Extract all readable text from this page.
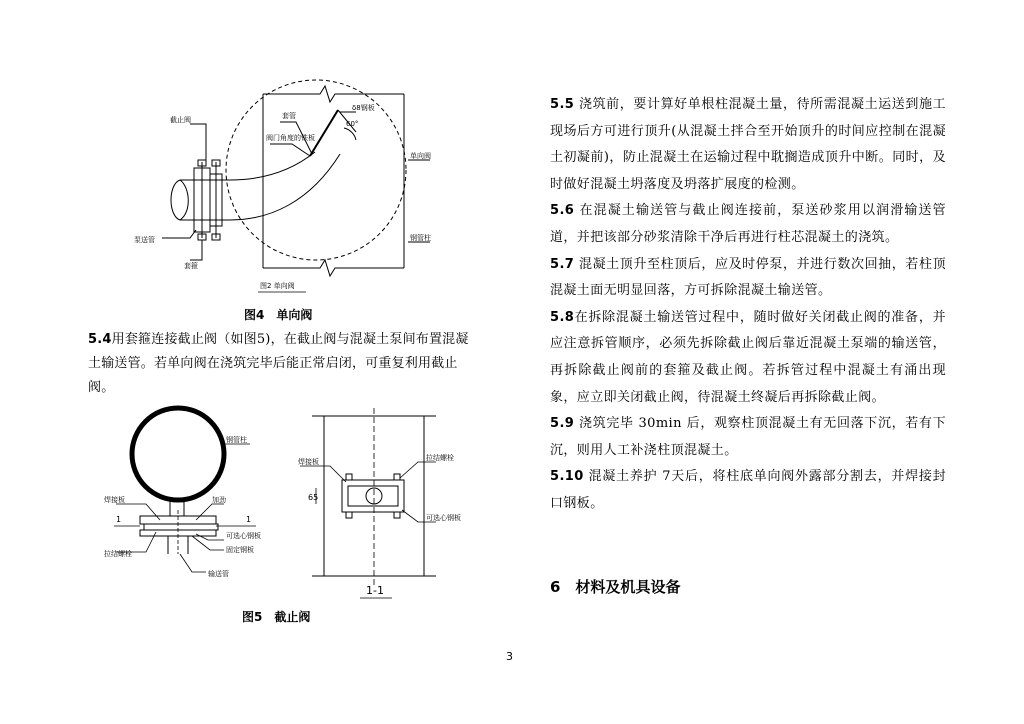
截止阀
泵送管
套箍
套管
阀门角度的铁板
δ8钢板
60°
单向阀
钢管柱
图2 单向阀
图4　单向阀
5.4用套箍连接截止阀（如图5)，在截止阀与混凝土泵间布置混凝土输送管。若单向阀在浇筑完毕后能正常启闭，可重复利用截止阀。
钢管柱
焊接板	加劲
1	1
可选心钢板
固定钢板
拉结螺栓
输送管
焊接板	拉结螺栓
可选心钢板
65
1-1
图5　截止阀

5.5 浇筑前，要计算好单根柱混凝土量，待所需混凝土运送到施工现场后方可进行顶升(从混凝土拌合至开始顶升的时间应控制在混凝土初凝前)，防止混凝土在运输过程中耽搁造成顶升中断。同时，及时做好混凝土坍落度及坍落扩展度的检测。

5.6 在混凝土输送管与截止阀连接前，泵送砂浆用以润滑输送管道，并把该部分砂浆清除干净后再进行柱芯混凝土的浇筑。

5.7 混凝土顶升至柱顶后，应及时停泵，并进行数次回抽，若柱顶混凝土面无明显回落，方可拆除混凝土输送管。

5.8在拆除混凝土输送管过程中，随时做好关闭截止阀的准备，并应注意拆管顺序，必须先拆除截止阀后靠近混凝土泵端的输送管，再拆除截止阀前的套箍及截止阀。若拆管过程中混凝土有涌出现象，应立即关闭截止阀，待混凝土终凝后再拆除截止阀。

5.9 浇筑完毕 30min 后，观察柱顶混凝土有无回落下沉，若有下沉，则用人工补浇柱顶混凝土。

5.10 混凝土养护 7天后，将柱底单向阀外露部分割去，并焊接封口钢板。

6　材料及机具设备
3
